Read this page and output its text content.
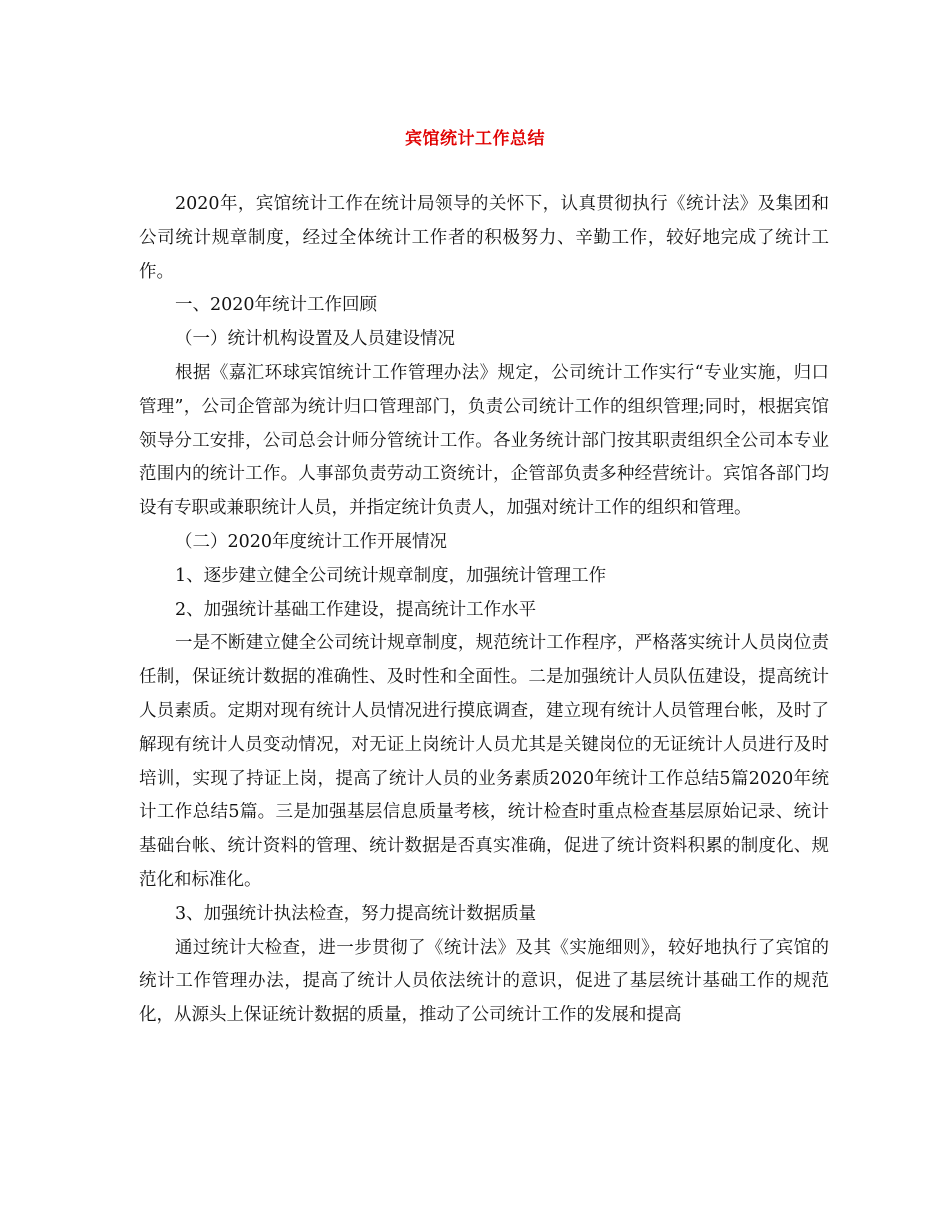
宾馆统计工作总结

2020年，宾馆统计工作在统计局领导的关怀下，认真贯彻执行《统计法》及集团和公司统计规章制度，经过全体统计工作者的积极努力、辛勤工作，较好地完成了统计工作。

一、2020年统计工作回顾

（一）统计机构设置及人员建设情况

根据《嘉汇环球宾馆统计工作管理办法》规定，公司统计工作实行“专业实施，归口管理”，公司企管部为统计归口管理部门，负责公司统计工作的组织管理;同时，根据宾馆领导分工安排，公司总会计师分管统计工作。各业务统计部门按其职责组织全公司本专业范围内的统计工作。人事部负责劳动工资统计，企管部负责多种经营统计。宾馆各部门均设有专职或兼职统计人员，并指定统计负责人，加强对统计工作的组织和管理。

（二）2020年度统计工作开展情况

1、逐步建立健全公司统计规章制度，加强统计管理工作

2、加强统计基础工作建设，提高统计工作水平

一是不断建立健全公司统计规章制度，规范统计工作程序，严格落实统计人员岗位责任制，保证统计数据的准确性、及时性和全面性。二是加强统计人员队伍建设，提高统计人员素质。定期对现有统计人员情况进行摸底调查，建立现有统计人员管理台帐，及时了解现有统计人员变动情况，对无证上岗统计人员尤其是关键岗位的无证统计人员进行及时培训，实现了持证上岗，提高了统计人员的业务素质2020年统计工作总结5篇2020年统计工作总结5篇。三是加强基层信息质量考核，统计检查时重点检查基层原始记录、统计基础台帐、统计资料的管理、统计数据是否真实准确，促进了统计资料积累的制度化、规范化和标准化。

3、加强统计执法检查，努力提高统计数据质量

通过统计大检查，进一步贯彻了《统计法》及其《实施细则》，较好地执行了宾馆的统计工作管理办法，提高了统计人员依法统计的意识，促进了基层统计基础工作的规范化，从源头上保证统计数据的质量，推动了公司统计工作的发展和提高
